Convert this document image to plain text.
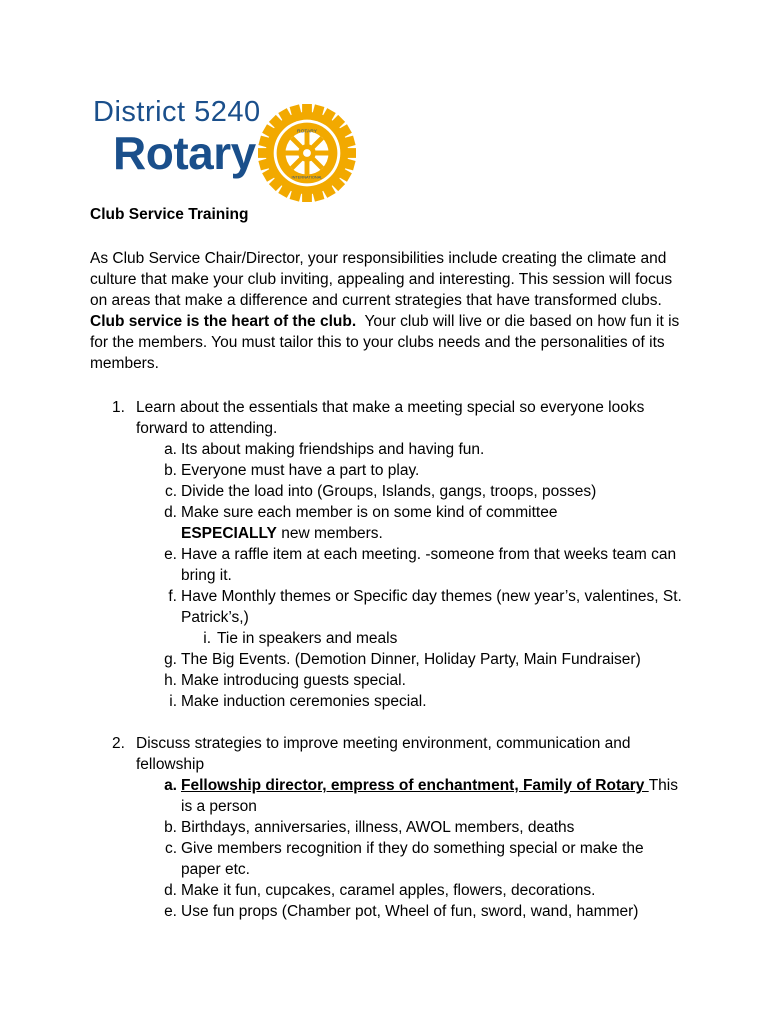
District 5240
Rotary	ROTARY
INTERNATIONAL
Club Service Training
As Club Service Chair/Director, your responsibilities include creating the climate and culture that make your club inviting, appealing and interesting. This session will focus on areas that make a difference and current strategies that have transformed clubs.  Club service is the heart of the club. Your club will live or die based on how fun it is for the members. You must tailor this to your clubs needs and the personalities of its members.
1. Learn about the essentials that make a meeting special so everyone looks forward to attending.
a. Its about making friendships and having fun.
b. Everyone must have a part to play.
c. Divide the load into (Groups, Islands, gangs, troops, posses)
d. Make sure each member is on some kind of committee
ESPECIALLY new members.
e. Have a raffle item at each meeting. -someone from that weeks team can bring it.
f. Have Monthly themes or Specific day themes (new year’s, valentines, St. Patrick’s,)
i. Tie in speakers and meals
g. The Big Events. (Demotion Dinner, Holiday Party, Main Fundraiser)
h. Make introducing guests special.
i. Make induction ceremonies special.
2. Discuss strategies to improve meeting environment, communication and fellowship
a. Fellowship director, empress of enchantment, Family of Rotary This is a person
b. Birthdays, anniversaries, illness, AWOL members, deaths
c. Give members recognition if they do something special or make the paper etc.
d. Make it fun, cupcakes, caramel apples, flowers, decorations.
e. Use fun props (Chamber pot, Wheel of fun, sword, wand, hammer)
